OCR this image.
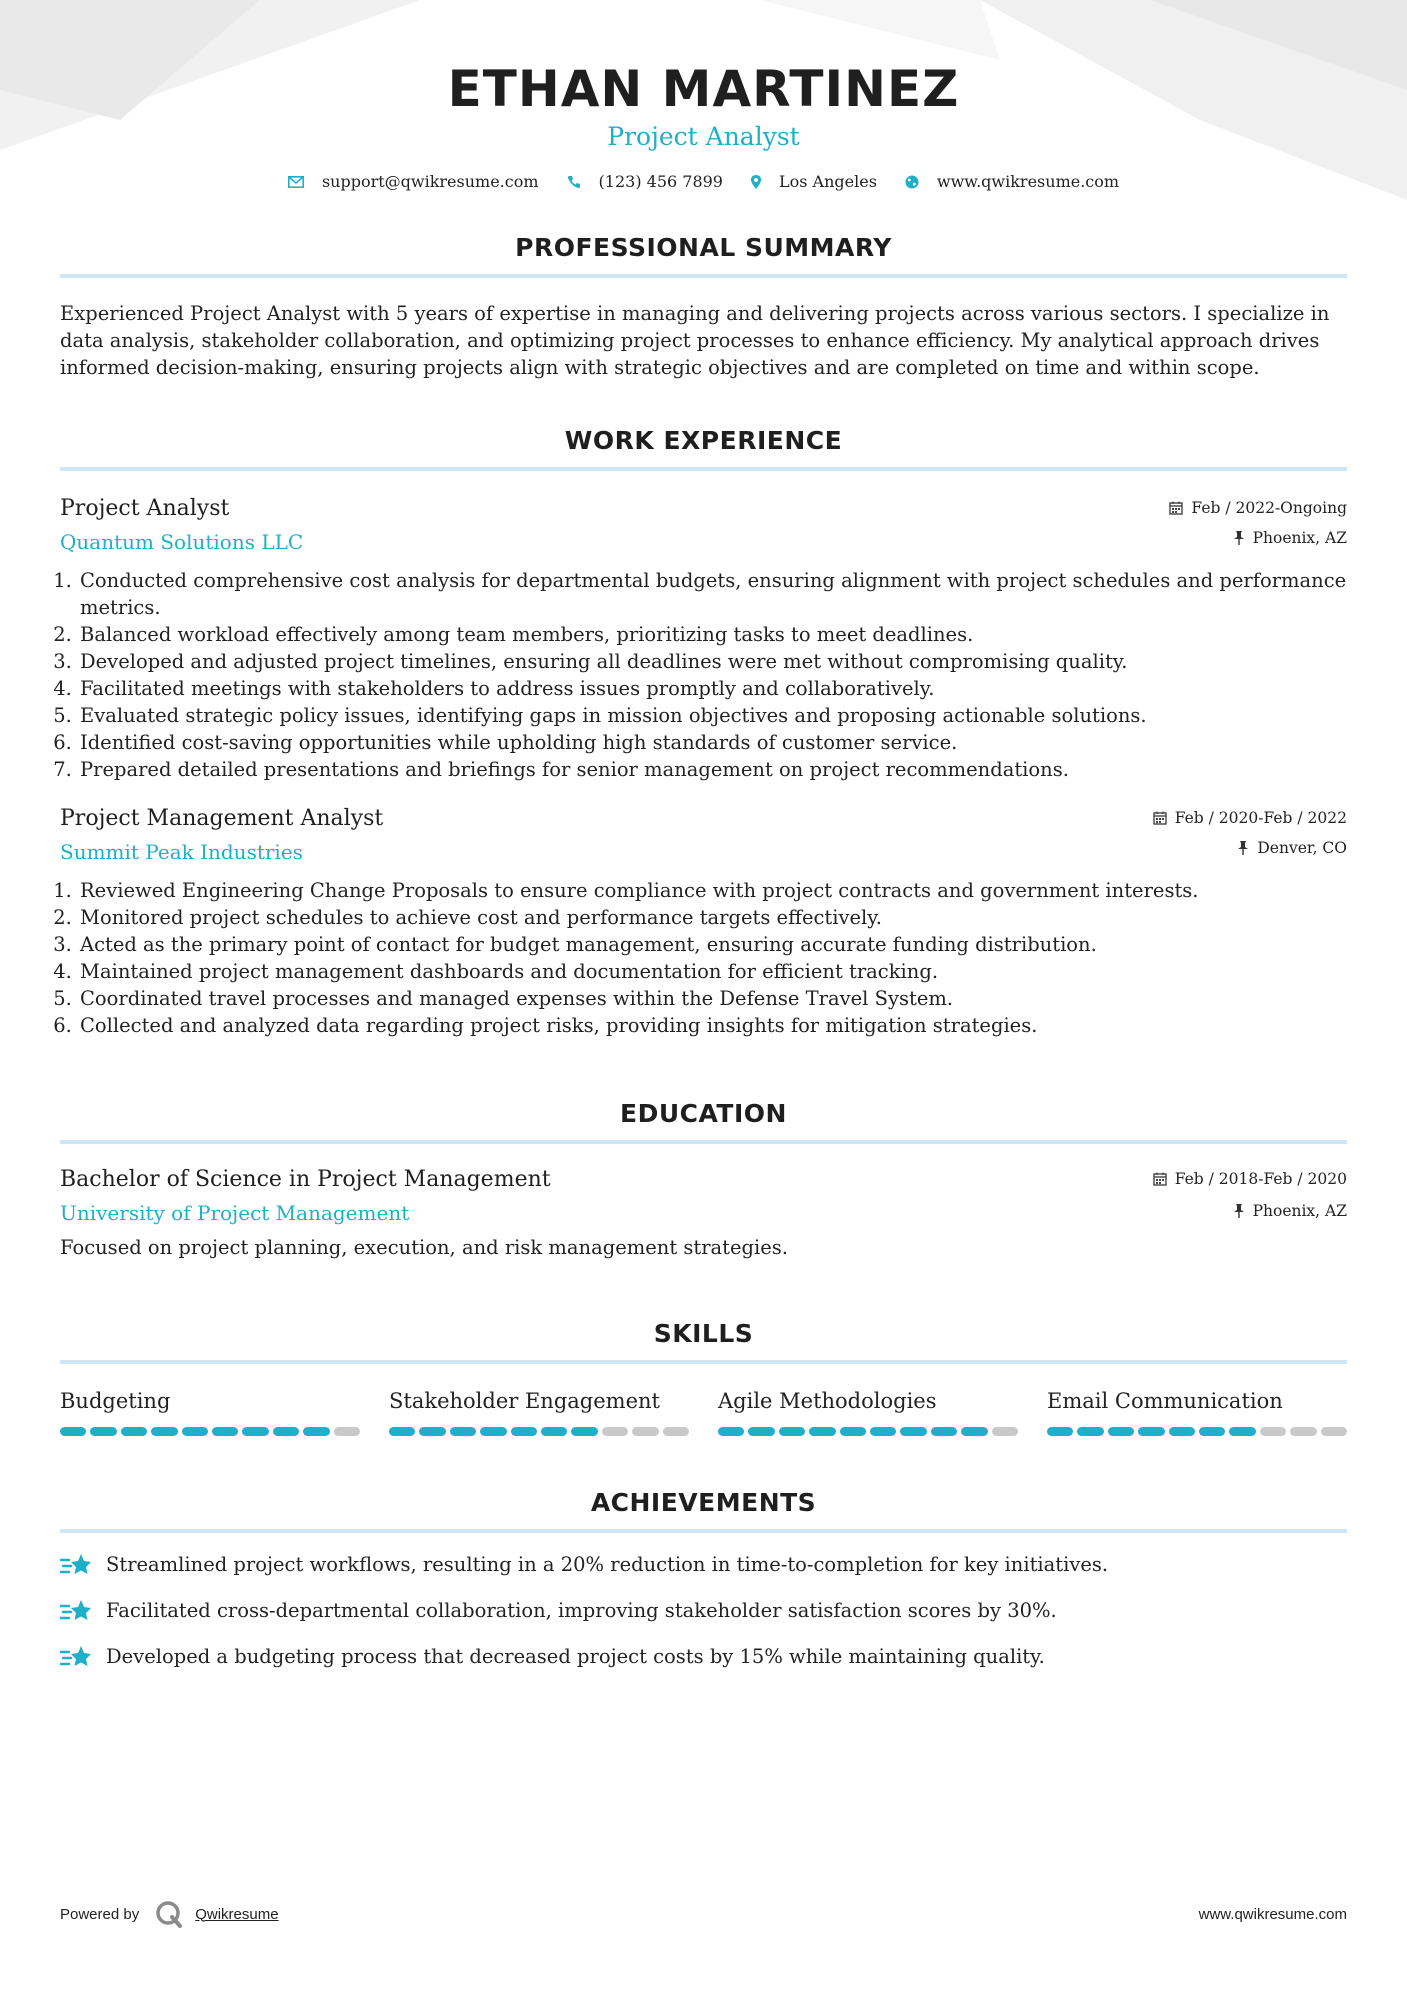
ETHAN MARTINEZ
Project Analyst
support@qwikresume.com	(123) 456 7899	Los Angeles	www.qwikresume.com
PROFESSIONAL SUMMARY

Experienced Project Analyst with 5 years of expertise in managing and delivering projects across various sectors. I specialize in data analysis, stakeholder collaboration, and optimizing project processes to enhance efficiency. My analytical approach drives informed decision-making, ensuring projects align with strategic objectives and are completed on time and within scope.

WORK EXPERIENCE
Project Analyst
Quantum Solutions LLC
Feb / 2022-Ongoing
Phoenix, AZ
1. Conducted comprehensive cost analysis for departmental budgets, ensuring alignment with project schedules and performance metrics.
2. Balanced workload effectively among team members, prioritizing tasks to meet deadlines.
3. Developed and adjusted project timelines, ensuring all deadlines were met without compromising quality.
4. Facilitated meetings with stakeholders to address issues promptly and collaboratively.
5. Evaluated strategic policy issues, identifying gaps in mission objectives and proposing actionable solutions.
6. Identified cost-saving opportunities while upholding high standards of customer service.
7. Prepared detailed presentations and briefings for senior management on project recommendations.
Project Management Analyst
Summit Peak Industries
Feb / 2020-Feb / 2022
Denver, CO
1. Reviewed Engineering Change Proposals to ensure compliance with project contracts and government interests.
2. Monitored project schedules to achieve cost and performance targets effectively.
3. Acted as the primary point of contact for budget management, ensuring accurate funding distribution.
4. Maintained project management dashboards and documentation for efficient tracking.
5. Coordinated travel processes and managed expenses within the Defense Travel System.
6. Collected and analyzed data regarding project risks, providing insights for mitigation strategies.
EDUCATION
Bachelor of Science in Project Management
University of Project Management
Feb / 2018-Feb / 2020
Phoenix, AZ

Focused on project planning, execution, and risk management strategies.

SKILLS
Budgeting	Stakeholder Engagement	Agile Methodologies	Email Communication
ACHIEVEMENTS
Streamlined project workflows, resulting in a 20% reduction in time-to-completion for key initiatives.
Facilitated cross-departmental collaboration, improving stakeholder satisfaction scores by 30%.
Developed a budgeting process that decreased project costs by 15% while maintaining quality.
Powered by	Qwikresume	www.qwikresume.com
